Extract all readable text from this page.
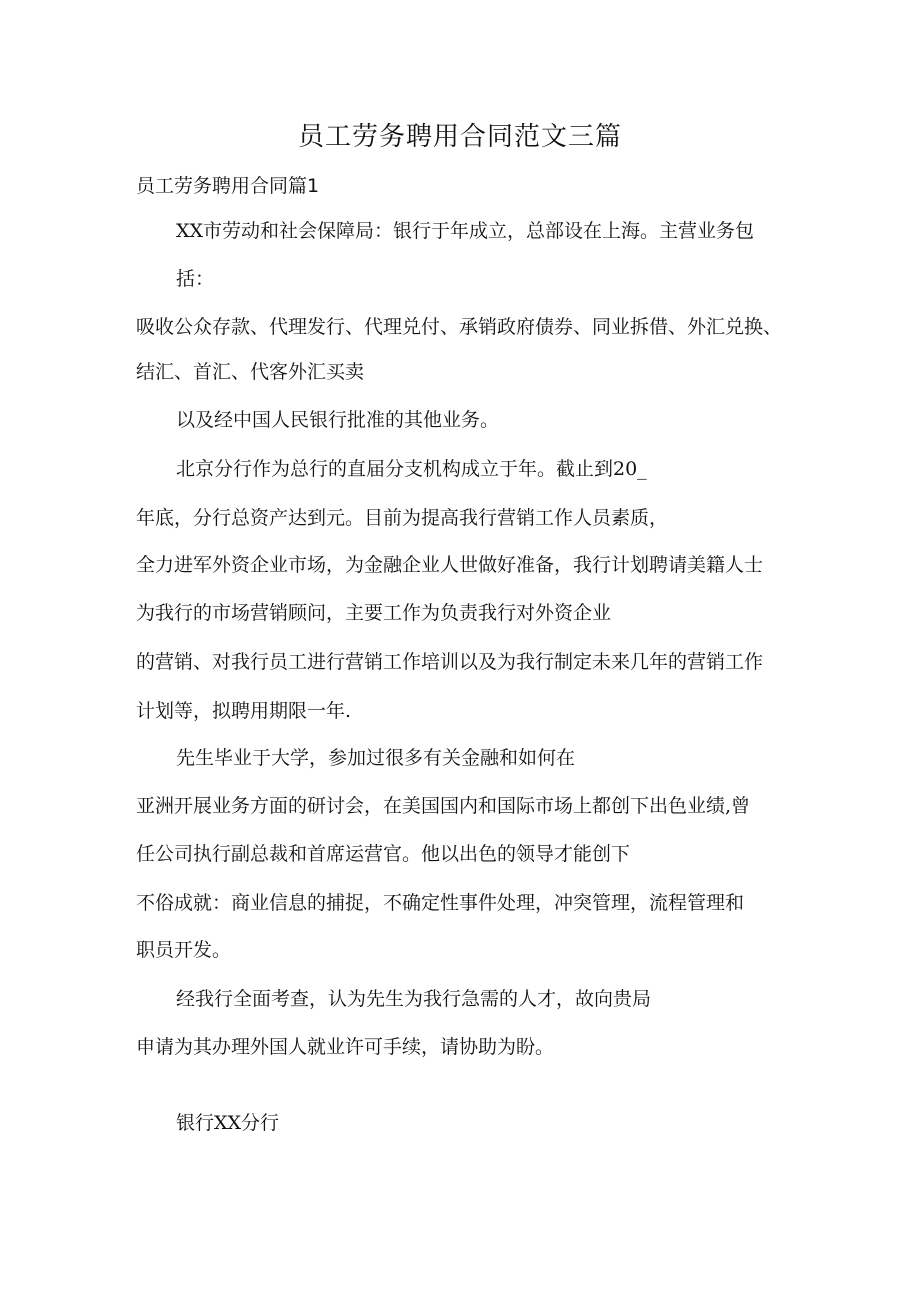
员工劳务聘用合同范文三篇
员工劳务聘用合同篇1

XX市劳动和社会保障局：银行于年成立，总部设在上海。主营业务包

括：

吸收公众存款、代理发行、代理兑付、承销政府债券、同业拆借、外汇兑换、

结汇、首汇、代客外汇买卖

以及经中国人民银行批准的其他业务。

北京分行作为总行的直届分支机构成立于年。截止到20_

年底，分行总资产达到元。目前为提高我行营销工作人员素质，

全力进军外资企业市场，为金融企业人世做好准备，我行计划聘请美籍人士

为我行的市场营销顾问，主要工作为负责我行对外资企业

的营销、对我行员工进行营销工作培训以及为我行制定未来几年的营销工作

计划等，拟聘用期限一年.

先生毕业于大学，参加过很多有关金融和如何在

亚洲开展业务方面的研讨会，在美国国内和国际市场上都创下出色业绩,曾

任公司执行副总裁和首席运营官。他以出色的领导才能创下

不俗成就：商业信息的捕捉，不确定性事件处理，冲突管理，流程管理和

职员开发。

经我行全面考查，认为先生为我行急需的人才，故向贵局

申请为其办理外国人就业许可手续，请协助为盼。

银行XX分行
